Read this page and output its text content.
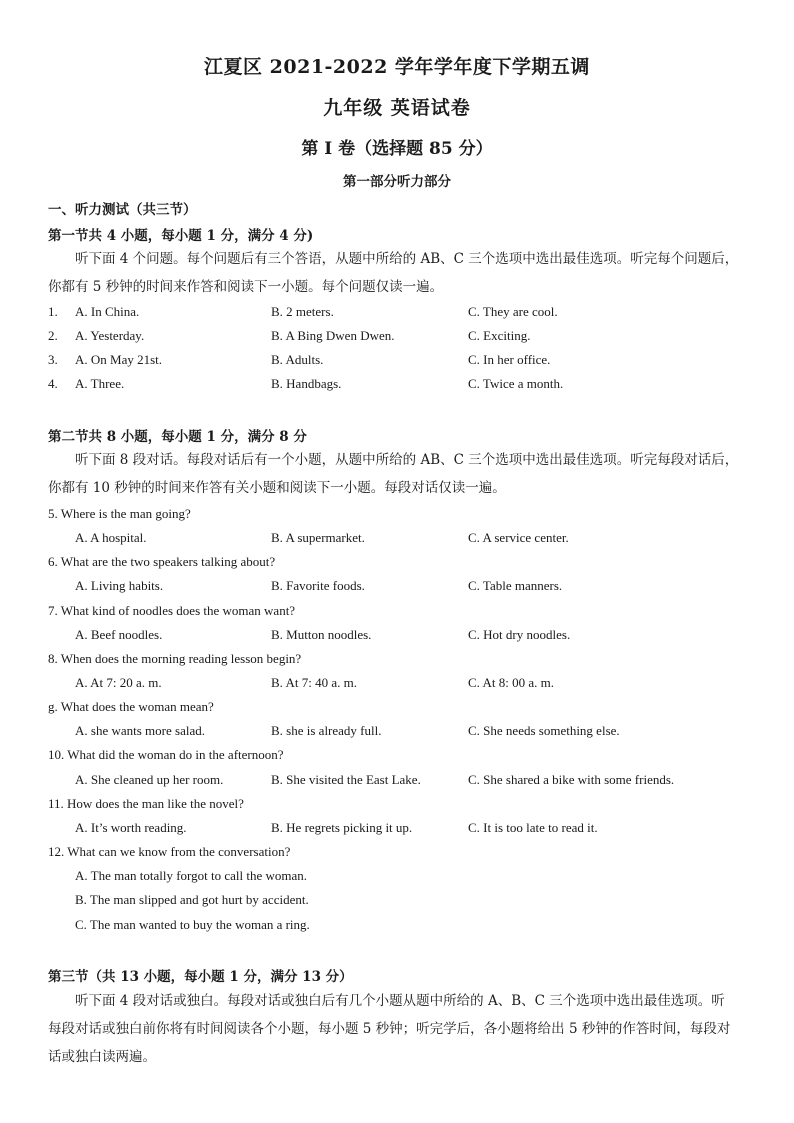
江夏区 2021-2022 学年学年度下学期五调
九年级 英语试卷
第 I 卷（选择题 85 分）
第一部分听力部分
一、听力测试（共三节）
第一节共 4 小题，每小题 1 分，满分 4 分)
听下面 4 个问题。每个问题后有三个答语，从题中所给的 AB、C 三个选项中选出最佳选项。听完每个问题后，
你都有 5 秒钟的时间来作答和阅读下一小题。每个问题仅读一遍。
1. A. In China.	B. 2 meters.	C. They are cool.
2. A. Yesterday.	B. A Bing Dwen Dwen.	C. Exciting.
3. A. On May 21st.	B. Adults.	C. In her office.
4. A. Three.	B. Handbags.	C. Twice a month.
第二节共 8 小题，每小题 1 分，满分 8 分
听下面 8 段对话。每段对话后有一个小题，从题中所给的 AB、C 三个选项中选出最佳选项。听完每段对话后，
你都有 10 秒钟的时间来作答有关小题和阅读下一小题。每段对话仅读一遍。
5. Where is the man going?
A. A hospital.	B. A supermarket.	C. A service center.
6. What are the two speakers talking about?
A. Living habits.	B. Favorite foods.	C. Table manners.
7. What kind of noodles does the woman want?
A. Beef noodles.	B. Mutton noodles.	C. Hot dry noodles.
8. When does the morning reading lesson begin?
A. At 7: 20 a. m.	B. At 7: 40 a. m.	C. At 8: 00 a. m.
g. What does the woman mean?
A. she wants more salad.	B. she is already full.	C. She needs something else.
10. What did the woman do in the afternoon?
A. She cleaned up her room.	B. She visited the East Lake.	C. She shared a bike with some friends.
11. How does the man like the novel?
A. It’s worth reading.	B. He regrets picking it up.	C. It is too late to read it.
12. What can we know from the conversation?
A. The man totally forgot to call the woman.
B. The man slipped and got hurt by accident.
C. The man wanted to buy the woman a ring.
第三节（共 13 小题，每小题 1 分，满分 13 分）
听下面 4 段对话或独白。每段对话或独白后有几个小题从题中所给的 A、B、C 三个选项中选出最佳选项。听
每段对话或独白前你将有时间阅读各个小题，每小题 5 秒钟；听完学后，各小题将给出 5 秒钟的作答时间，每段对
话或独白读两遍。
